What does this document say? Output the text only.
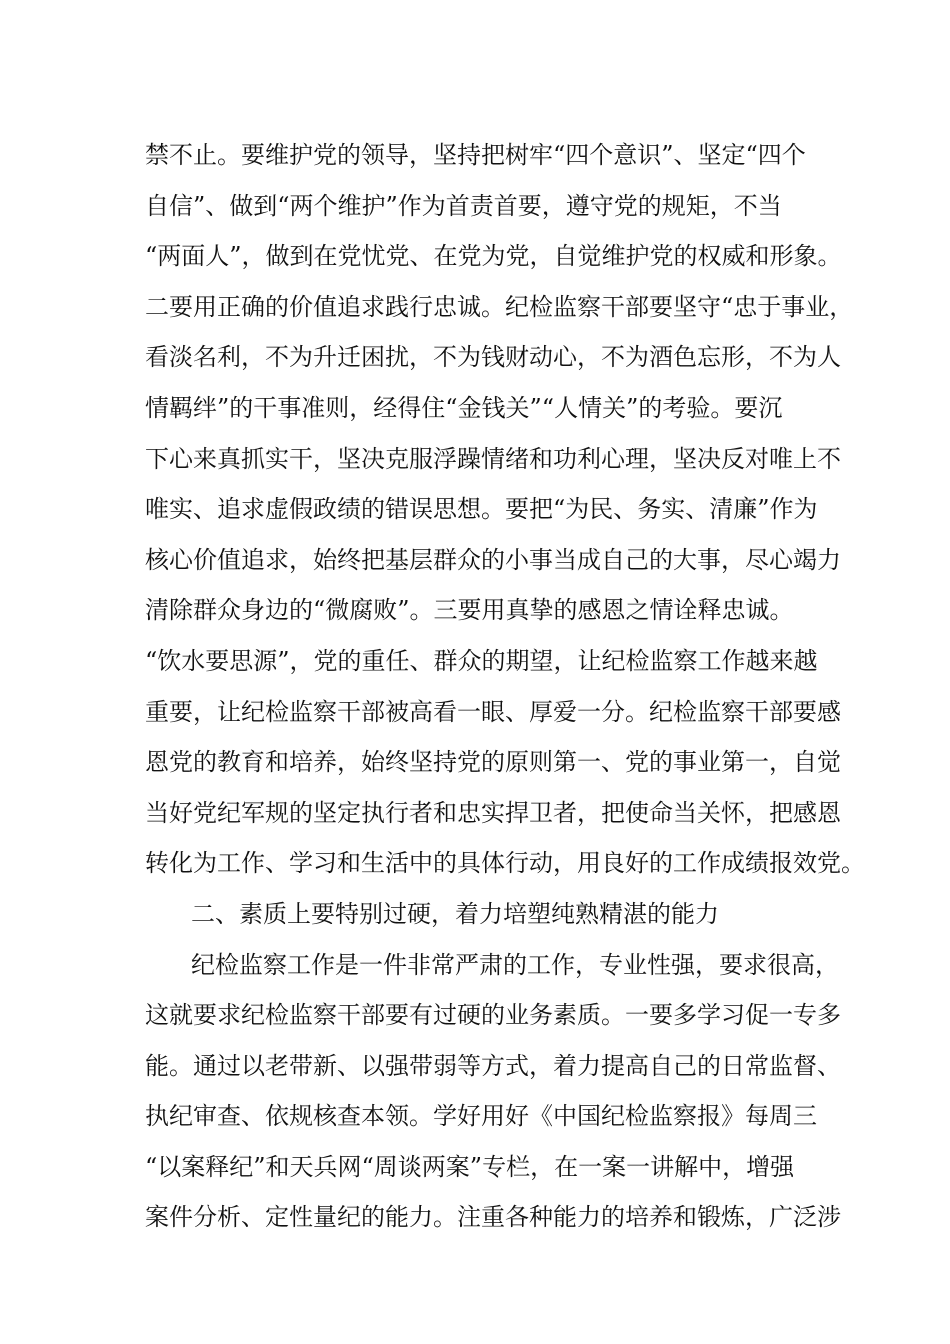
禁不止。要维护党的领导，坚持把树牢“四个意识”、坚定“四个
自信”、做到“两个维护”作为首责首要，遵守党的规矩，不当
“两面人”，做到在党忧党、在党为党，自觉维护党的权威和形象。
二要用正确的价值追求践行忠诚。纪检监察干部要坚守“忠于事业，
看淡名利，不为升迁困扰，不为钱财动心，不为酒色忘形，不为人
情羁绊”的干事准则，经得住“金钱关”“人情关”的考验。要沉
下心来真抓实干，坚决克服浮躁情绪和功利心理，坚决反对唯上不
唯实、追求虚假政绩的错误思想。要把“为民、务实、清廉”作为
核心价值追求，始终把基层群众的小事当成自己的大事，尽心竭力
清除群众身边的“微腐败”。三要用真挚的感恩之情诠释忠诚。
“饮水要思源”，党的重任、群众的期望，让纪检监察工作越来越
重要，让纪检监察干部被高看一眼、厚爱一分。纪检监察干部要感
恩党的教育和培养，始终坚持党的原则第一、党的事业第一，自觉
当好党纪军规的坚定执行者和忠实捍卫者，把使命当关怀，把感恩
转化为工作、学习和生活中的具体行动，用良好的工作成绩报效党。
二、素质上要特别过硬，着力培塑纯熟精湛的能力
纪检监察工作是一件非常严肃的工作，专业性强，要求很高，
这就要求纪检监察干部要有过硬的业务素质。一要多学习促一专多
能。通过以老带新、以强带弱等方式，着力提高自己的日常监督、
执纪审查、依规核查本领。学好用好《中国纪检监察报》每周三
“以案释纪”和天兵网“周谈两案”专栏，在一案一讲解中，增强
案件分析、定性量纪的能力。注重各种能力的培养和锻炼，广泛涉
